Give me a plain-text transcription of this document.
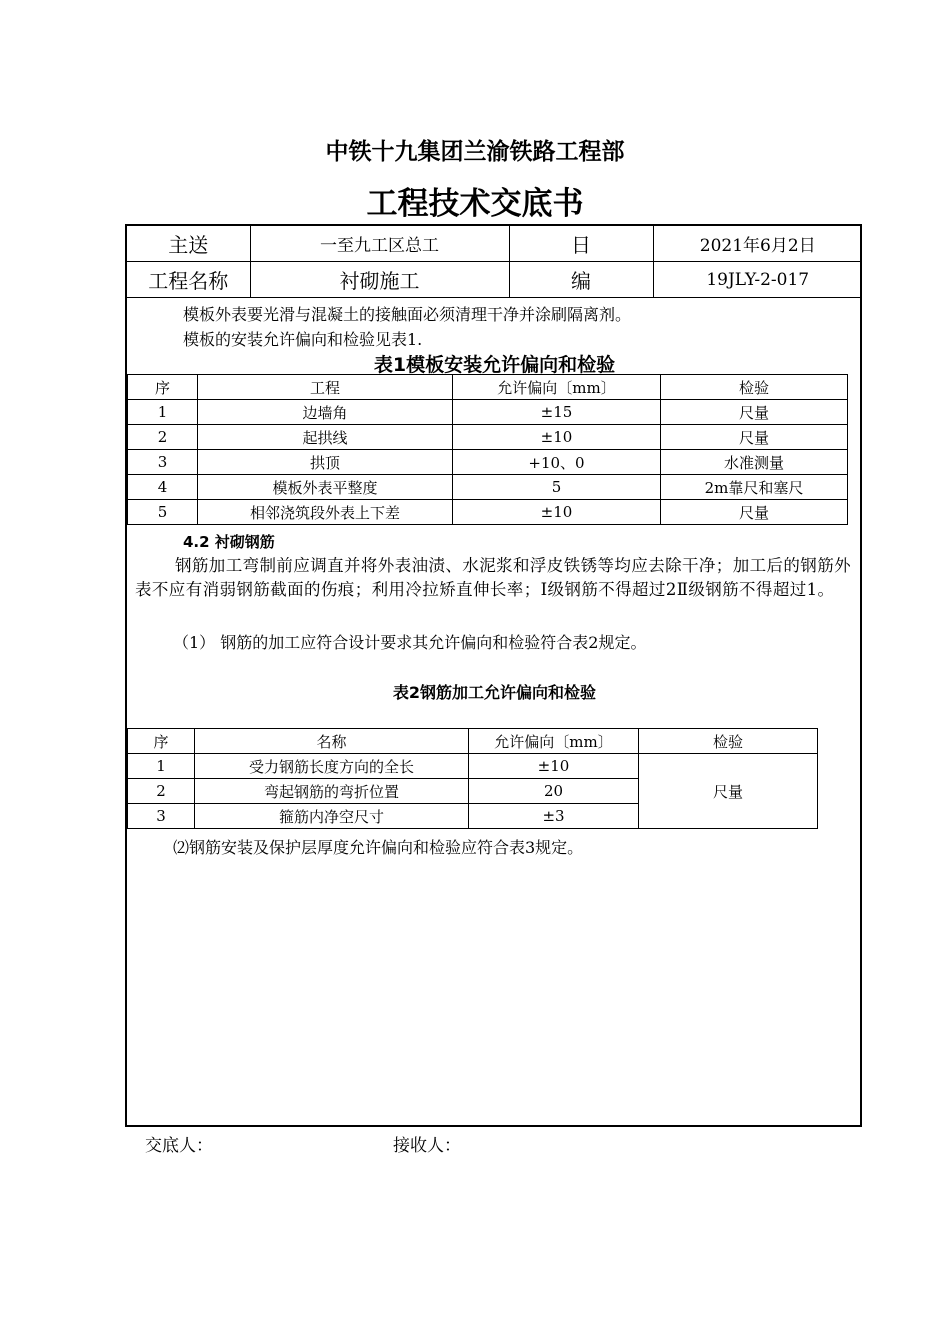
中铁十九集团兰渝铁路工程部
工程技术交底书
主送	一至九工区总工	日	2021年6月2日
工程名称	衬砌施工	编	19JLY-2-017
模板外表要光滑与混凝土的接触面必须清理干净并涂刷隔离剂。
模板的安装允许偏向和检验见表1.
表1模板安装允许偏向和检验
序	工程	允许偏向〔mm〕	检验
1	边墙角	±15	尺量
2	起拱线	±10	尺量
3	拱顶	+10、0	水准测量
4	模板外表平整度	5	2m靠尺和塞尺
5	相邻浇筑段外表上下差	±10	尺量
4.2 衬砌钢筋
钢筋加工弯制前应调直并将外表油渍、水泥浆和浮皮铁锈等均应去除干净；加工后的钢筋外表不应有消弱钢筋截面的伤痕；利用冷拉矫直伸长率；Ⅰ级钢筋不得超过2Ⅱ级钢筋不得超过1。
（1） 钢筋的加工应符合设计要求其允许偏向和检验符合表2规定。
表2钢筋加工允许偏向和检验
序	名称	允许偏向〔mm〕	检验
1	受力钢筋长度方向的全长	±10	尺量
2	弯起钢筋的弯折位置	20	
3	箍筋内净空尺寸	±3	
⑵钢筋安装及保护层厚度允许偏向和检验应符合表3规定。
交底人：	接收人：
